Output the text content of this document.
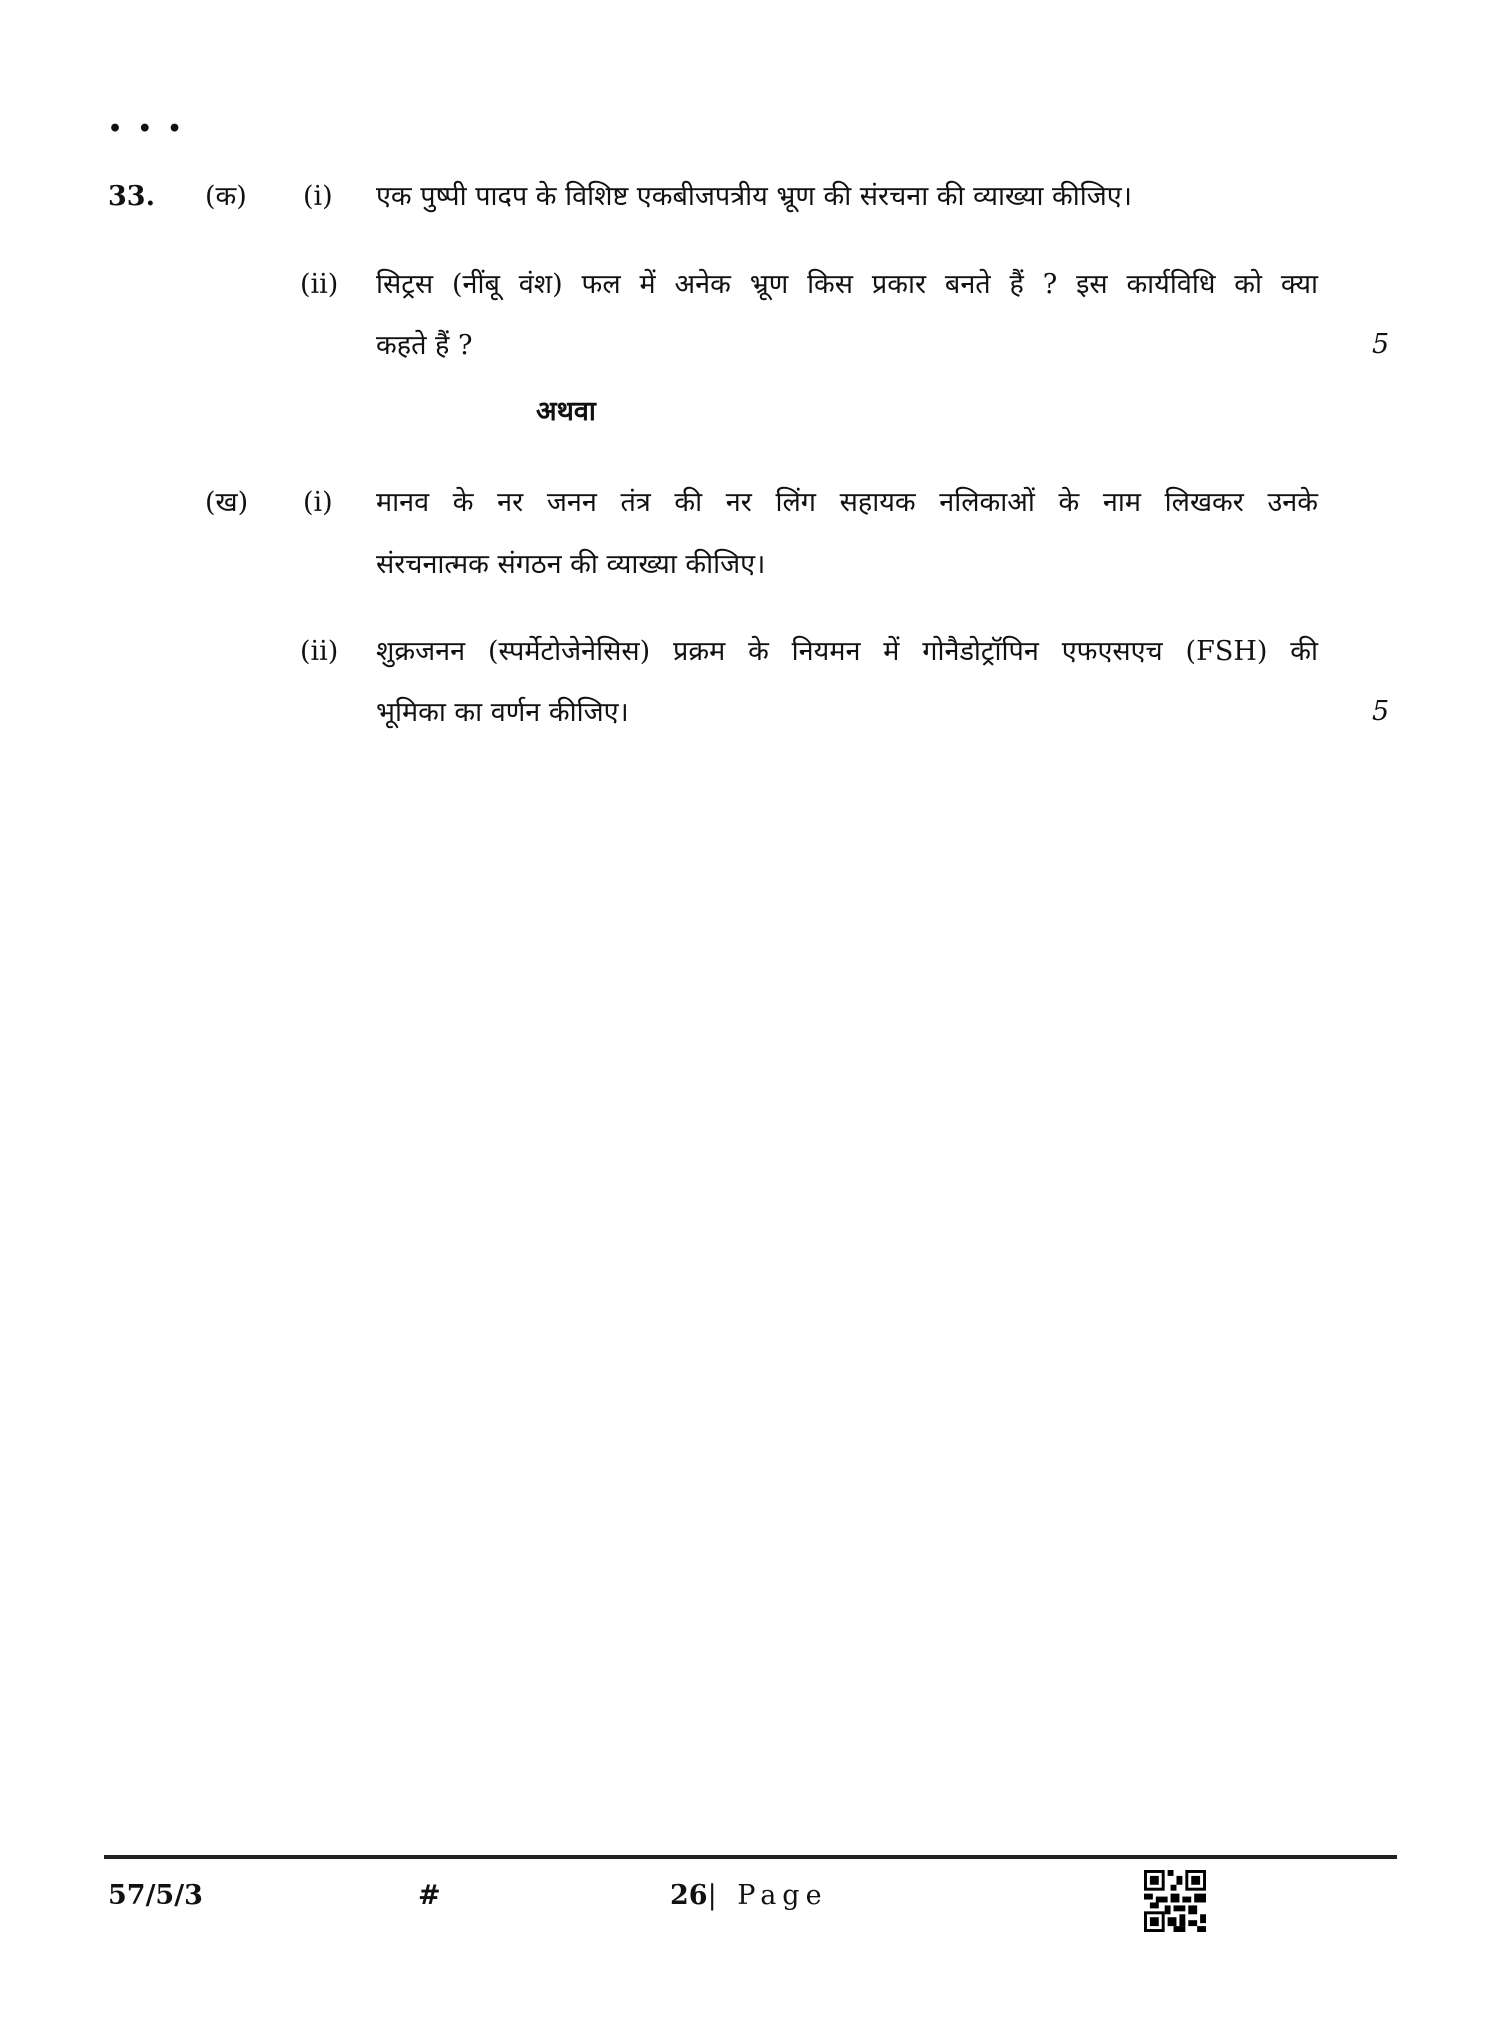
• • •
33. (क) (i) एक पुष्पी पादप के विशिष्ट एकबीजपत्रीय भ्रूण की संरचना की व्याख्या कीजिए।
(ii) सिट्रस (नींबू वंश) फल में अनेक भ्रूण किस प्रकार बनते हैं ? इस कार्यविधि को क्या
कहते हैं ?	5
अथवा
(ख) (i) मानव के नर जनन तंत्र की नर लिंग सहायक नलिकाओं के नाम लिखकर उनके
संरचनात्मक संगठन की व्याख्या कीजिए।
(ii) शुक्रजनन (स्पर्मेटोजेनेसिस) प्रक्रम के नियमन में गोनैडोट्रॉपिन एफएसएच (FSH) की
भूमिका का वर्णन कीजिए।	5
57/5/3	#	26| Page
